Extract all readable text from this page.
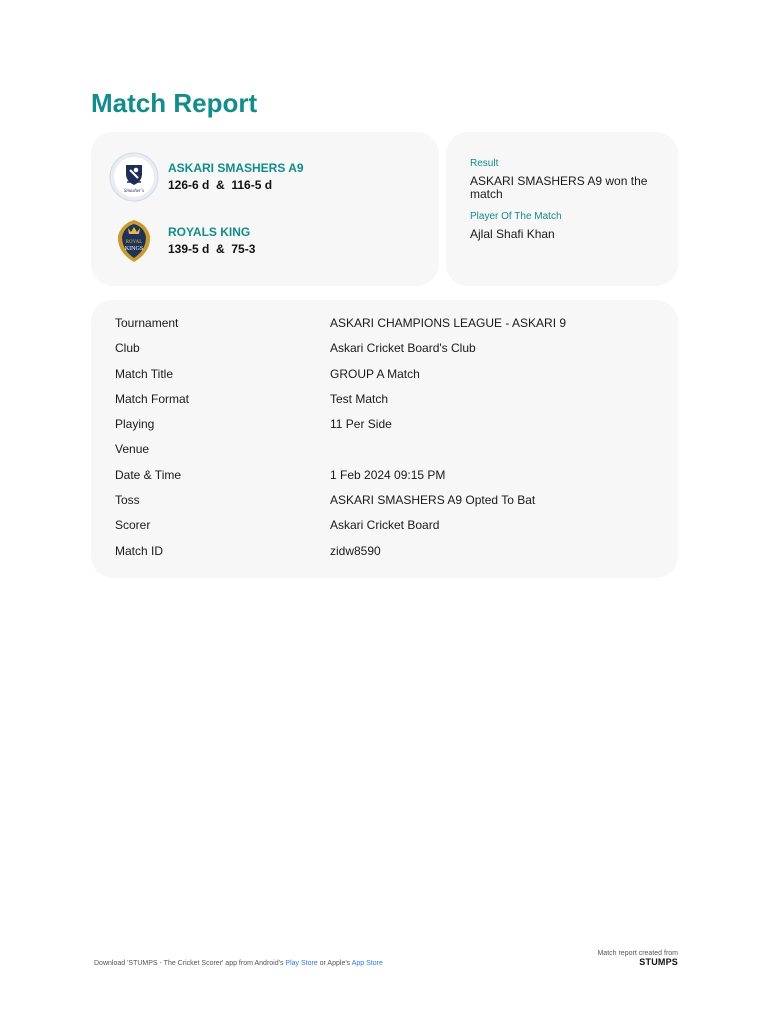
Match Report
Smasher's
ASKARI SMASHERS A9
126-6 d  &  116-5 d
ROYAL
KINGS
ROYALS KING
139-5 d  &  75-3
Result
ASKARI SMASHERS A9 won the match
Player Of The Match
Ajlal Shafi Khan
Tournament	ASKARI CHAMPIONS LEAGUE - ASKARI 9
Club	Askari Cricket Board's Club
Match Title	GROUP A Match
Match Format	Test Match
Playing	11 Per Side
Venue
Date & Time	1 Feb 2024 09:15 PM
Toss	ASKARI SMASHERS A9 Opted To Bat
Scorer	Askari Cricket Board
Match ID	zidw8590
Download 'STUMPS - The Cricket Scorer' app from Android's Play Store or Apple's App Store
Match report created from
STUMPS
